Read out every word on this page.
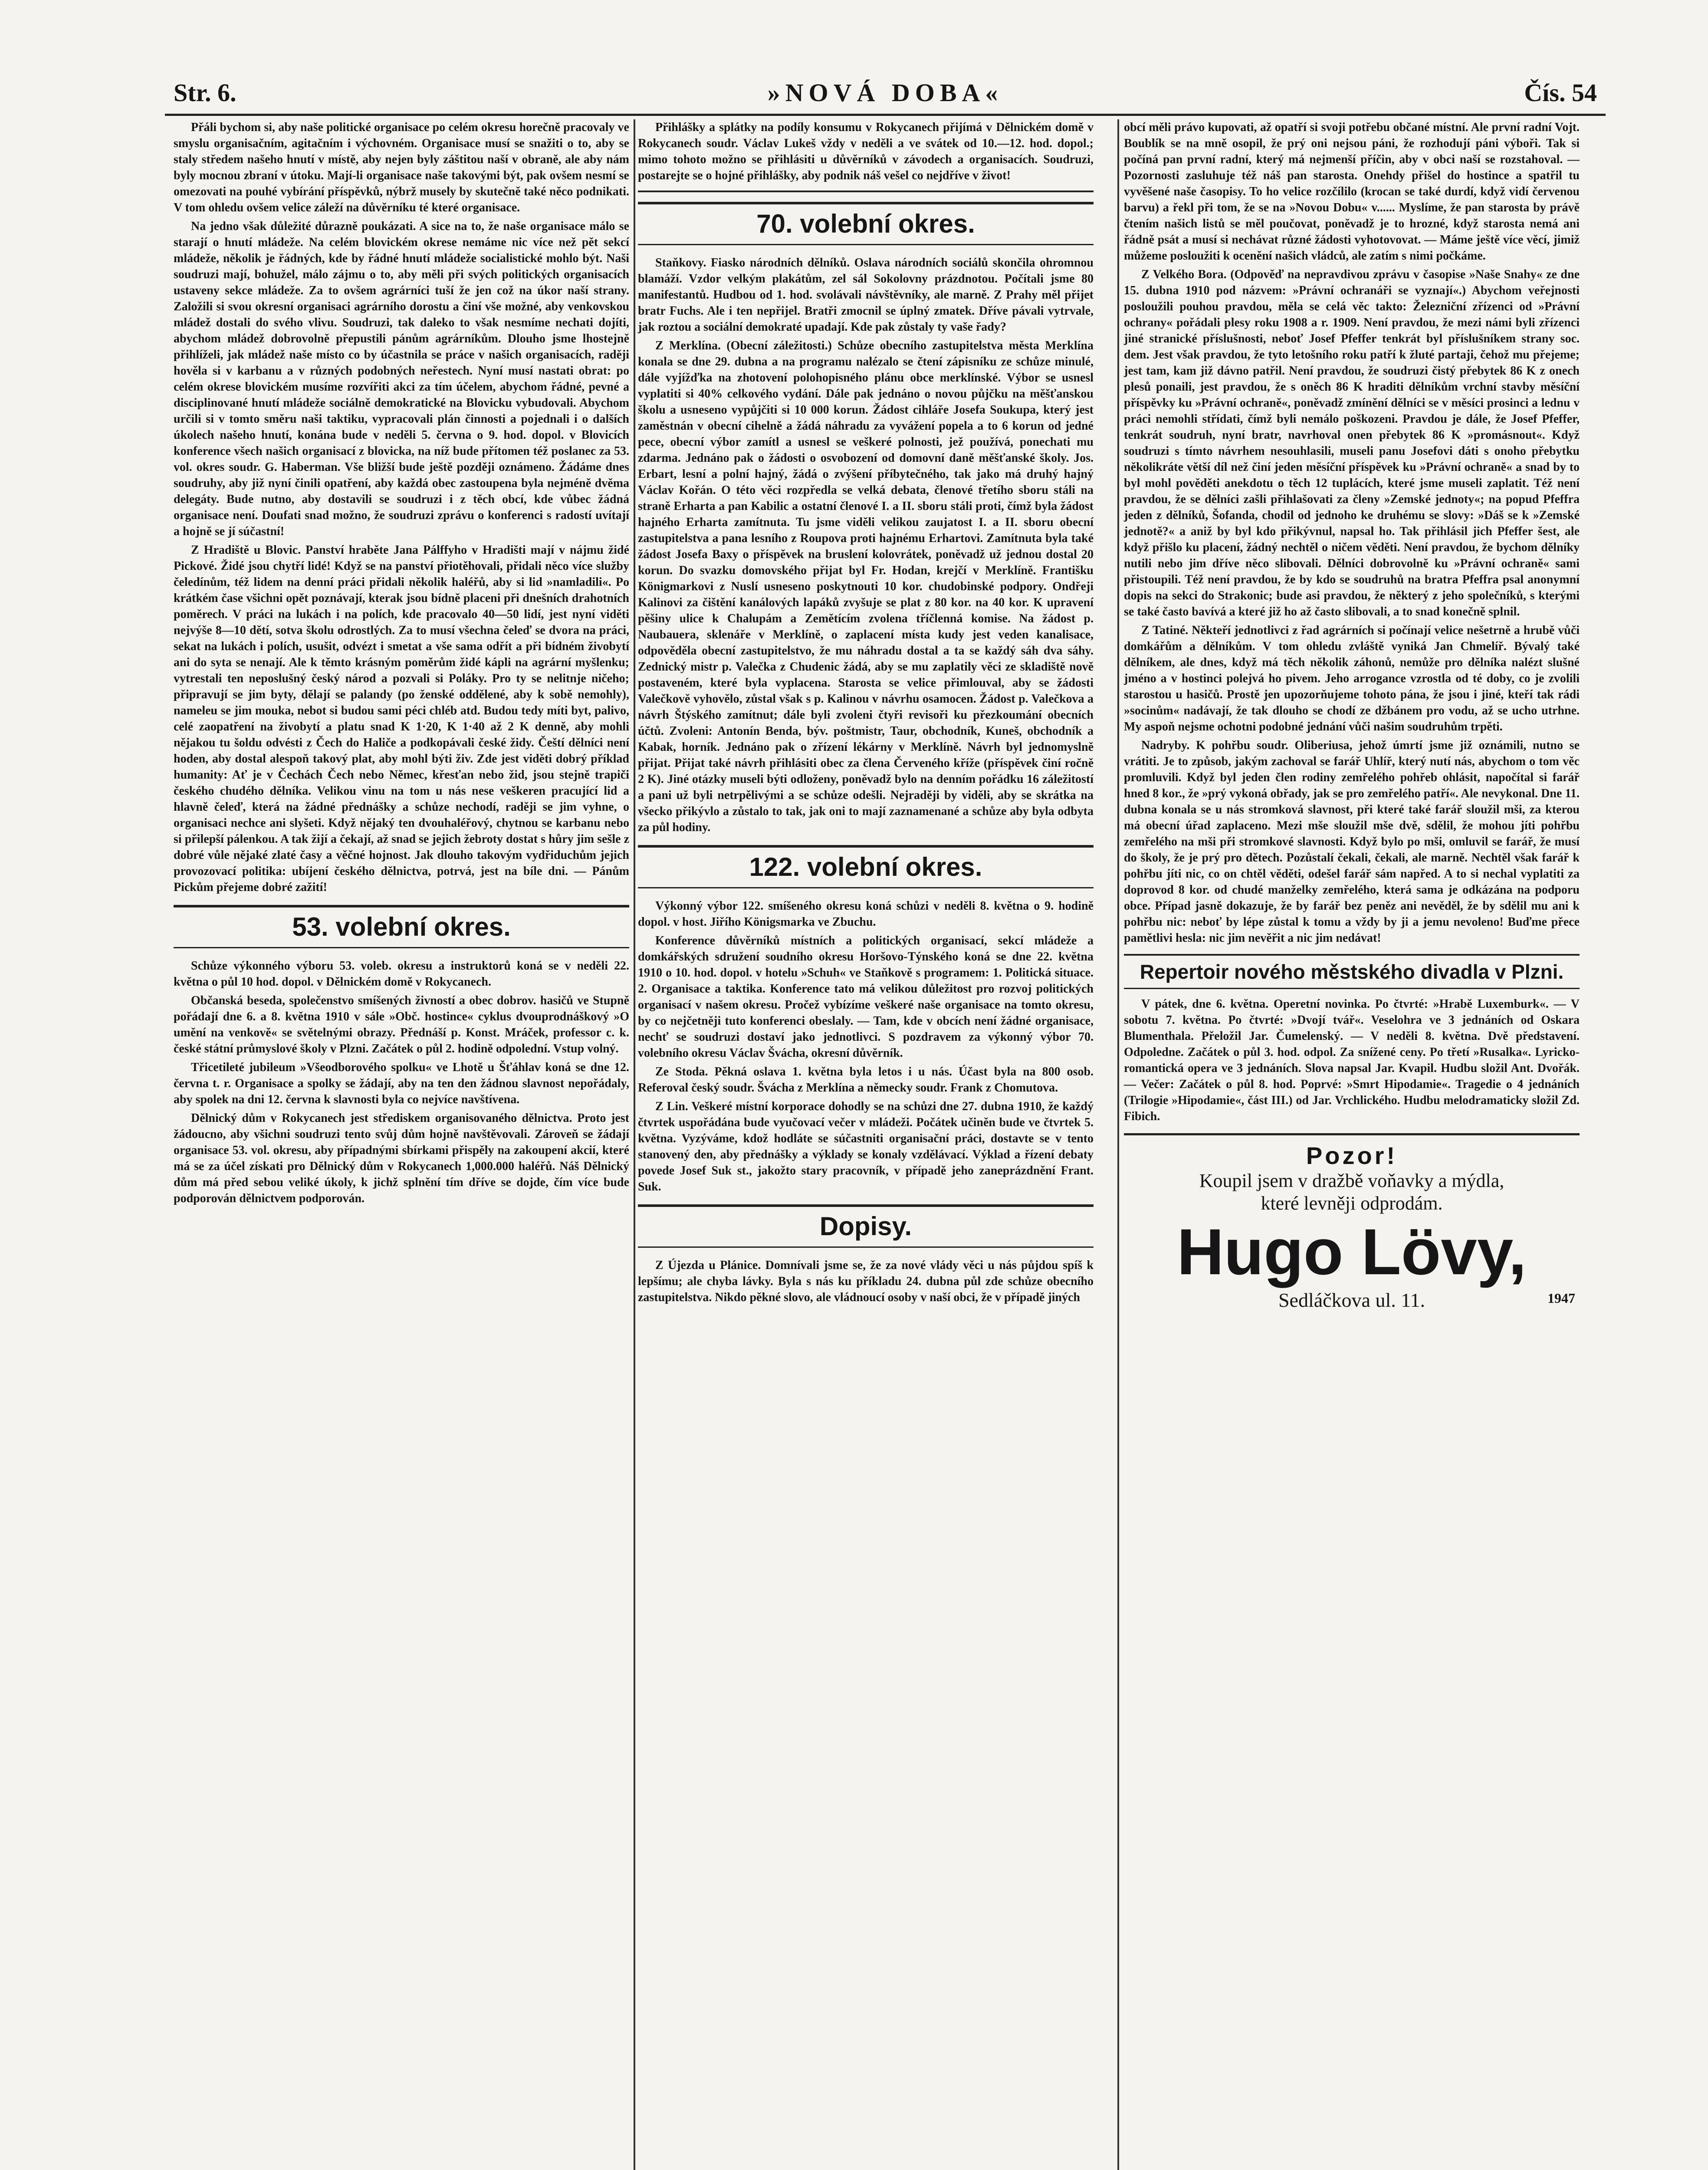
Str. 6.	»NOVÁ DOBA«	Čís. 54

Přáli bychom si, aby naše politické organisace po celém okresu horečně pracovaly ve smyslu organisačním, agitačním i výchovném. Organisace musí se snažiti o to, aby se staly středem našeho hnutí v místě, aby nejen byly záštitou naší v obraně, ale aby nám byly mocnou zbraní v útoku. Mají-li organisace naše takovými být, pak ovšem nesmí se omezovati na pouhé vybírání příspěvků, nýbrž musely by skutečně také něco podnikati. V tom ohledu ovšem velice záleží na důvěrníku té které organisace.

Na jedno však důležité důrazně poukázati. A sice na to, že naše organisace málo se starají o hnutí mládeže. Na celém blovickém okrese nemáme nic více než pět sekcí mládeže, několik je řádných, kde by řádné hnutí mládeže socialistické mohlo být. Naši soudruzi mají, bohužel, málo zájmu o to, aby měli při svých politických organisacích ustaveny sekce mládeže. Za to ovšem agrárníci tuší že jen což na úkor naší strany. Založili si svou okresní organisaci agrárního dorostu a činí vše možné, aby venkovskou mládež dostali do svého vlivu. Soudruzi, tak daleko to však nesmíme nechati dojíti, abychom mládež dobrovolně přepustili pánům agrárníkům. Dlouho jsme lhostejně přihlíželi, jak mládež naše místo co by účastnila se práce v našich organisacích, raději hověla si v karbanu a v různých podobných neřestech. Nyní musí nastati obrat: po celém okrese blovickém musíme rozvířiti akci za tím účelem, abychom řádné, pevné a disciplinované hnutí mládeže sociálně demokratické na Blovicku vybudovali. Abychom určili si v tomto směru naši taktiku, vypracovali plán činnosti a pojednali i o dalších úkolech našeho hnutí, konána bude v neděli 5. června o 9. hod. dopol. v Blovicích konference všech našich organisací z blovicka, na níž bude přítomen též poslanec za 53. vol. okres soudr. G. Haberman. Vše bližší bude ještě později oznámeno. Žádáme dnes soudruhy, aby již nyní činili opatření, aby každá obec zastoupena byla nejméně dvěma delegáty. Bude nutno, aby dostavili se soudruzi i z těch obcí, kde vůbec žádná organisace není. Doufati snad možno, že soudruzi zprávu o konferenci s radostí uvítají a hojně se jí súčastní!

Z Hradiště u Blovic. Panství hraběte Jana Pálffyho v Hradišti mají v nájmu židé Pickové. Židé jsou chytří lidé! Když se na panství přiotěhovali, přidali něco více služby čeledínům, též lidem na denní práci přidali několik haléřů, aby si lid »namladili«. Po krátkém čase všichni opět poznávají, kterak jsou bídně placeni při dnešních drahotních poměrech. V práci na lukách i na polích, kde pracovalo 40—50 lidí, jest nyní viděti nejvýše 8—10 dětí, sotva školu odrostlých. Za to musí všechna čeleď se dvora na práci, sekat na lukách i polích, usušit, odvézt i smetat a vše sama odřít a při bídném živobytí ani do syta se nenají. Ale k těmto krásným poměrům židé kápli na agrární myšlenku; vytrestali ten neposlušný český národ a pozvali si Poláky. Pro ty se nelitnje ničeho; připravují se jim byty, dělají se palandy (po ženské oddělené, aby k sobě nemohly), nameleu se jim mouka, nebot si budou sami péci chléb atd. Budou tedy míti byt, palivo, celé zaopatření na živobytí a platu snad K 1·20, K 1·40 až 2 K denně, aby mohli nějakou tu šoldu odvésti z Čech do Haliče a podkopávali české židy. Čeští dělníci není hoden, aby dostal alespoň takový plat, aby mohl býti živ. Zde jest viděti dobrý příklad humanity: Ať je v Čechách Čech nebo Němec, křesťan nebo žid, jsou stejně trapiči českého chudého dělníka. Velikou vinu na tom u nás nese veškeren pracující lid a hlavně čeleď, která na žádné přednášky a schůze nechodí, raději se jim vyhne, o organisaci nechce ani slyšeti. Když nějaký ten dvouhaléřový, chytnou se karbanu nebo si přilepší pálenkou. A tak žijí a čekají, až snad se jejich žebroty dostat s hůry jim sešle z dobré vůle nějaké zlaté časy a věčné hojnost. Jak dlouho takovým vydřiduchům jejich provozovací politika: ubíjení českého dělnictva, potrvá, jest na bíle dni. — Pánům Pickům přejeme dobré zažití!

53. volební okres.

Schůze výkonného výboru 53. voleb. okresu a instruktorů koná se v neděli 22. května o půl 10 hod. dopol. v Dělnickém domě v Rokycanech.

Občanská beseda, společenstvo smíšených živností a obec dobrov. hasičů ve Stupně pořádají dne 6. a 8. května 1910 v sále »Obč. hostince« cyklus dvouprodnáškový »O umění na venkově« se světelnými obrazy. Přednáší p. Konst. Mráček, professor c. k. české státní průmyslové školy v Plzni. Začátek o půl 2. hodině odpolední. Vstup volný.

Třicetileté jubileum »Všeodborového spolku« ve Lhotě u Šťáhlav koná se dne 12. června t. r. Organisace a spolky se žádají, aby na ten den žádnou slavnost nepořádaly, aby spolek na dni 12. června k slavnosti byla co nejvíce navštívena.

Dělnický dům v Rokycanech jest střediskem organisovaného dělnictva. Proto jest žádoucno, aby všichni soudruzi tento svůj dům hojně navštěvovali. Zároveň se žádají organisace 53. vol. okresu, aby případnými sbírkami přispěly na zakoupení akcií, které má se za účel získati pro Dělnický dům v Rokycanech 1,000.000 haléřů. Náš Dělnický dům má před sebou veliké úkoly, k jichž splnění tím dříve se dojde, čím více bude podporován dělnictvem podporován.

Přihlášky a splátky na podíly konsumu v Rokycanech přijímá v Dělnickém domě v Rokycanech soudr. Václav Lukeš vždy v neděli a ve svátek od 10.—12. hod. dopol.; mimo tohoto možno se přihlásiti u důvěrníků v závodech a organisacích. Soudruzi, postarejte se o hojné přihlášky, aby podnik náš vešel co nejdříve v život!

70. volební okres.

Staňkovy. Fiasko národních dělníků. Oslava národních sociálů skončila ohromnou blamáží. Vzdor velkým plakátům, zel sál Sokolovny prázdnotou. Počítali jsme 80 manifestantů. Hudbou od 1. hod. svolávali návštěvníky, ale marně. Z Prahy měl přijet bratr Fuchs. Ale i ten nepřijel. Bratři zmocnil se úplný zmatek. Dříve pávali vytrvale, jak roztou a sociální demokraté upadají. Kde pak zůstaly ty vaše řady?

Z Merklína. (Obecní záležitosti.) Schůze obecního zastupitelstva města Merklína konala se dne 29. dubna a na programu nalézalo se čtení zápisníku ze schůze minulé, dále vyjížďka na zhotovení polohopisného plánu obce merklínské. Výbor se usnesl vyplatiti si 40% celkového vydání. Dále pak jednáno o novou půjčku na měšťanskou školu a usneseno vypůjčiti si 10 000 korun. Žádost cihláře Josefa Soukupa, který jest zaměstnán v obecní cihelně a žádá náhradu za vyvážení popela a to 6 korun od jedné pece, obecní výbor zamítl a usnesl se veškeré polnosti, jež používá, ponechati mu zdarma. Jednáno pak o žádosti o osvobození od domovní daně měšťanské školy. Jos. Erbart, lesní a polní hajný, žádá o zvýšení příbytečného, tak jako má druhý hajný Václav Kořán. O této věci rozpředla se velká debata, členové třetího sboru stáli na straně Erharta a pan Kabilic a ostatní členové I. a II. sboru stáli proti, čímž byla žádost hajného Erharta zamítnuta. Tu jsme viděli velikou zaujatost I. a II. sboru obecní zastupitelstva a pana lesního z Roupova proti hajnému Erhartovi. Zamítnuta byla také žádost Josefa Baxy o příspěvek na bruslení kolovrátek, poněvadž už jednou dostal 20 korun. Do svazku domovského přijat byl Fr. Hodan, krejčí v Merklíně. Františku Königmarkovi z Nuslí usneseno poskytnouti 10 kor. chudobinské podpory. Ondřeji Kalinovi za čištění kanálových lapáků zvyšuje se plat z 80 kor. na 40 kor. K upravení pěšiny ulice k Chalupám a Zemětícím zvolena tříčlenná komise. Na žádost p. Naubauera, sklenáře v Merklíně, o zaplacení místa kudy jest veden kanalisace, odpověděla obecní zastupitelstvo, že mu náhradu dostal a ta se každý sáh dva sáhy. Zednický mistr p. Valečka z Chudenic žádá, aby se mu zaplatily věci ze skladiště nově postaveném, které byla vyplacena. Starosta se velice přimlouval, aby se žádosti Valečkově vyhovělo, zůstal však s p. Kalinou v návrhu osamocen. Žádost p. Valečkova a návrh Štýského zamítnut; dále byli zvoleni čtyři revisoři ku přezkoumání obecních účtů. Zvoleni: Antonín Benda, býv. poštmistr, Taur, obchodník, Kuneš, obchodník a Kabak, horník. Jednáno pak o zřízení lékárny v Merklíně. Návrh byl jednomyslně přijat. Přijat také návrh přihlásiti obec za člena Červeného kříže (příspěvek činí ročně 2 K). Jiné otázky museli býti odloženy, poněvadž bylo na denním pořádku 16 záležitostí a pani už byli netrpělivými a se schůze odešli. Nejraději by viděli, aby se skrátka na všecko přikývlo a zůstalo to tak, jak oni to mají zaznamenané a schůze aby byla odbyta za půl hodiny.

122. volební okres.

Výkonný výbor 122. smíšeného okresu koná schůzi v neděli 8. května o 9. hodině dopol. v host. Jiřího Königsmarka ve Zbuchu.

Konference důvěrníků místních a politických organisací, sekcí mládeže a domkářských sdružení soudního okresu Horšovo-Týnského koná se dne 22. května 1910 o 10. hod. dopol. v hotelu »Schuh« ve Staňkově s programem: 1. Politická situace. 2. Organisace a taktika. Konference tato má velikou důležitost pro rozvoj politických organisací v našem okresu. Pročež vybízíme veškeré naše organisace na tomto okresu, by co nejčetněji tuto konferenci obeslaly. — Tam, kde v obcích není žádné organisace, nechť se soudruzi dostaví jako jednotlivci. S pozdravem za výkonný výbor 70. volebního okresu Václav Švácha, okresní důvěrník.

Ze Stoda. Pěkná oslava 1. května byla letos i u nás. Účast byla na 800 osob. Referoval český soudr. Švácha z Merklína a německy soudr. Frank z Chomutova.

Z Lin. Veškeré místní korporace dohodly se na schůzi dne 27. dubna 1910, že každý čtvrtek uspořádána bude vyučovací večer v mládeži. Počátek učiněn bude ve čtvrtek 5. května. Vyzýváme, kdož hodláte se súčastniti organisační práci, dostavte se v tento stanovený den, aby přednášky a výklady se konaly vzdělávací. Výklad a řízení debaty povede Josef Suk st., jakožto stary pracovník, v případě jeho zaneprázdnění Frant. Suk.

Dopisy.

Z Újezda u Plánice. Domnívali jsme se, že za nové vlády věci u nás půjdou spíš k lepšímu; ale chyba lávky. Byla s nás ku příkladu 24. dubna půl zde schůze obecního zastupitelstva. Nikdo pěkné slovo, ale vládnoucí osoby v naší obci, že v případě jiných

obcí měli právo kupovati, až opatří si svoji potřebu občané místní. Ale první radní Vojt. Boublík se na mně osopil, že prý oni nejsou páni, že rozhodují páni výboři. Tak si počíná pan první radní, který má nejmenší příčin, aby v obci naší se rozstahoval. — Pozornosti zasluhuje též náš pan starosta. Onehdy přišel do hostince a spatřil tu vyvěšené naše časopisy. To ho velice rozčílilo (krocan se také durdí, když vidí červenou barvu) a řekl při tom, že se na »Novou Dobu« v...... Myslíme, že pan starosta by právě čtením našich listů se měl poučovat, poněvadž je to hrozné, když starosta nemá ani řádně psát a musí si nechávat různé žádosti vyhotovovat. — Máme ještě více věcí, jimiž můžeme posloužiti k ocenění našich vládců, ale zatím s nimi počkáme.

Z Velkého Bora. (Odpověď na nepravdivou zprávu v časopise »Naše Snahy« ze dne 15. dubna 1910 pod názvem: »Právní ochranáři se vyznají«.) Abychom veřejnosti posloužili pouhou pravdou, měla se celá věc takto: Železniční zřízenci od »Právní ochrany« pořádali plesy roku 1908 a r. 1909. Není pravdou, že mezi námi byli zřízenci jiné stranické příslušnosti, neboť Josef Pfeffer tenkrát byl příslušníkem strany soc. dem. Jest však pravdou, že tyto letošního roku patří k žluté partaji, čehož mu přejeme; jest tam, kam již dávno patřil. Není pravdou, že soudruzi čistý přebytek 86 K z onech plesů ponaili, jest pravdou, že s oněch 86 K hraditi dělníkům vrchní stavby měsíční příspěvky ku »Právní ochraně«, poněvadž zmínění dělníci se v měsíci prosinci a lednu v práci nemohli střídati, čímž byli nemálo poškozeni. Pravdou je dále, že Josef Pfeffer, tenkrát soudruh, nyní bratr, navrhoval onen přebytek 86 K »promásnout«. Když soudruzi s tímto návrhem nesouhlasili, museli panu Josefovi dáti s onoho přebytku několikráte větší díl než činí jeden měsíční příspěvek ku »Právní ochraně« a snad by to byl mohl pověděti anekdotu o těch 12 tuplácích, které jsme museli zaplatit. Též není pravdou, že se dělníci zašli přihlašovati za členy »Zemské jednoty«; na popud Pfeffra jeden z dělníků, Šofanda, chodil od jednoho ke druhému se slovy: »Dáš se k »Zemské jednotě?« a aniž by byl kdo přikývnul, napsal ho. Tak přihlásil jich Pfeffer šest, ale když přišlo ku placení, žádný nechtěl o ničem věděti. Není pravdou, že bychom dělníky nutili nebo jim dříve něco slibovali. Dělníci dobrovolně ku »Právní ochraně« sami přistoupili. Též není pravdou, že by kdo se soudruhů na bratra Pfeffra psal anonymní dopis na sekci do Strakonic; bude asi pravdou, že některý z jeho společníků, s kterými se také často bavívá a které již ho až často slibovali, a to snad konečně splnil.

Z Tatiné. Někteří jednotlivci z řad agrárních si počínají velice nešetrně a hrubě vůči domkářům a dělníkům. V tom ohledu zvláště vyniká Jan Chmelíř. Bývalý také dělníkem, ale dnes, když má těch několik záhonů, nemůže pro dělníka nalézt slušné jméno a v hostinci polejvá ho pivem. Jeho arrogance vzrostla od té doby, co je zvolili starostou u hasičů. Prostě jen upozorňujeme tohoto pána, že jsou i jiné, kteří tak rádi »socinům« nadávají, že tak dlouho se chodí ze džbánem pro vodu, až se ucho utrhne. My aspoň nejsme ochotni podobné jednání vůči našim soudruhům trpěti.

Nadryby. K pohřbu soudr. Oliberiusa, jehož úmrtí jsme již oznámili, nutno se vrátiti. Je to způsob, jakým zachoval se farář Uhlíř, který nutí nás, abychom o tom věc promluvili. Když byl jeden člen rodiny zemřelého pohřeb ohlásit, napočítal si farář hned 8 kor., že »prý vykoná obřady, jak se pro zemřelého patří«. Ale nevykonal. Dne 11. dubna konala se u nás stromková slavnost, při které také farář sloužil mši, za kterou má obecní úřad zaplaceno. Mezi mše sloužil mše dvě, sdělil, že mohou jíti pohřbu zemřelého na mši při stromkové slavnosti. Když bylo po mši, omluvil se farář, že musí do školy, že je prý pro dětech. Pozůstalí čekali, čekali, ale marně. Nechtěl však farář k pohřbu jíti nic, co on chtěl věděti, odešel farář sám napřed. A to si nechal vyplatiti za doprovod 8 kor. od chudé manželky zemřelého, která sama je odkázána na podporu obce. Případ jasně dokazuje, že by farář bez peněz ani nevěděl, že by sdělil mu ani k pohřbu nic: neboť by lépe zůstal k tomu a vždy by ji a jemu nevoleno! Buďme přece pamětlivi hesla: nic jim nevěřit a nic jim nedávat!

Repertoir nového městského divadla v Plzni.

V pátek, dne 6. května. Operetní novinka. Po čtvrté: »Hrabě Luxemburk«. — V sobotu 7. května. Po čtvrté: »Dvojí tvář«. Veselohra ve 3 jednáních od Oskara Blumenthala. Přeložil Jar. Čumelenský. — V neděli 8. května. Dvě představení. Odpoledne. Začátek o půl 3. hod. odpol. Za snížené ceny. Po třetí »Rusalka«. Lyricko-romantická opera ve 3 jednáních. Slova napsal Jar. Kvapil. Hudbu složil Ant. Dvořák. — Večer: Začátek o půl 8. hod. Poprvé: »Smrt Hipodamie«. Tragedie o 4 jednáních (Trilogie »Hipodamie«, část III.) od Jar. Vrchlického. Hudbu melodramaticky složil Zd. Fibich.

Pozor!
Koupil jsem v dražbě voňavky a mýdla,
které levněji odprodám.
Hugo Lövy,
Sedláčkova ul. 11.	1947
